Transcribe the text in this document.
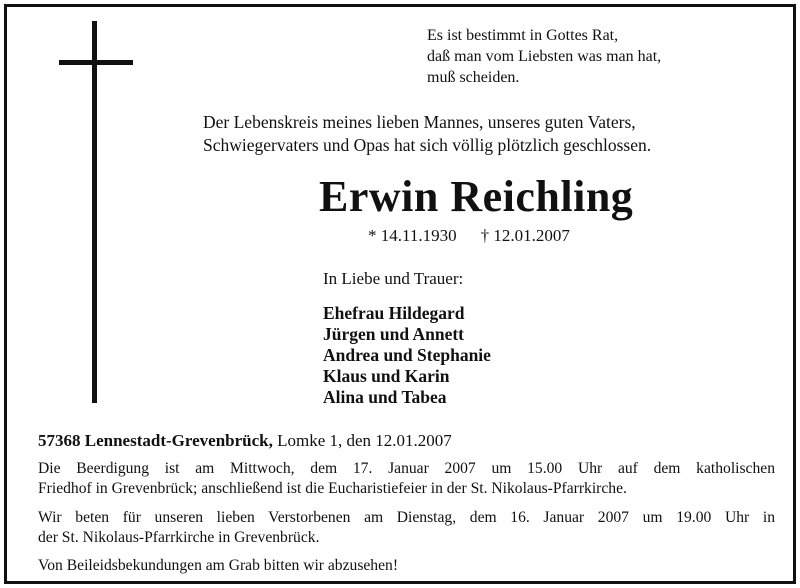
Es ist bestimmt in Gottes Rat,
daß man vom Liebsten was man hat,
muß scheiden.
Der Lebenskreis meines lieben Mannes, unseres guten Vaters,
Schwiegervaters und Opas hat sich völlig plötzlich geschlossen.
Erwin Reichling
* 14.11.1930 † 12.01.2007
In Liebe und Trauer:
Ehefrau Hildegard
Jürgen und Annett
Andrea und Stephanie
Klaus und Karin
Alina und Tabea
57368 Lennestadt-Grevenbrück, Lomke 1, den 12.01.2007
Die Beerdigung ist am Mittwoch, dem 17. Januar 2007 um 15.00 Uhr auf dem katholischen
Friedhof in Grevenbrück; anschließend ist die Eucharistiefeier in der St. Nikolaus-Pfarrkirche.
Wir beten für unseren lieben Verstorbenen am Dienstag, dem 16. Januar 2007 um 19.00 Uhr in
der St. Nikolaus-Pfarrkirche in Grevenbrück.
Von Beileidsbekundungen am Grab bitten wir abzusehen!
